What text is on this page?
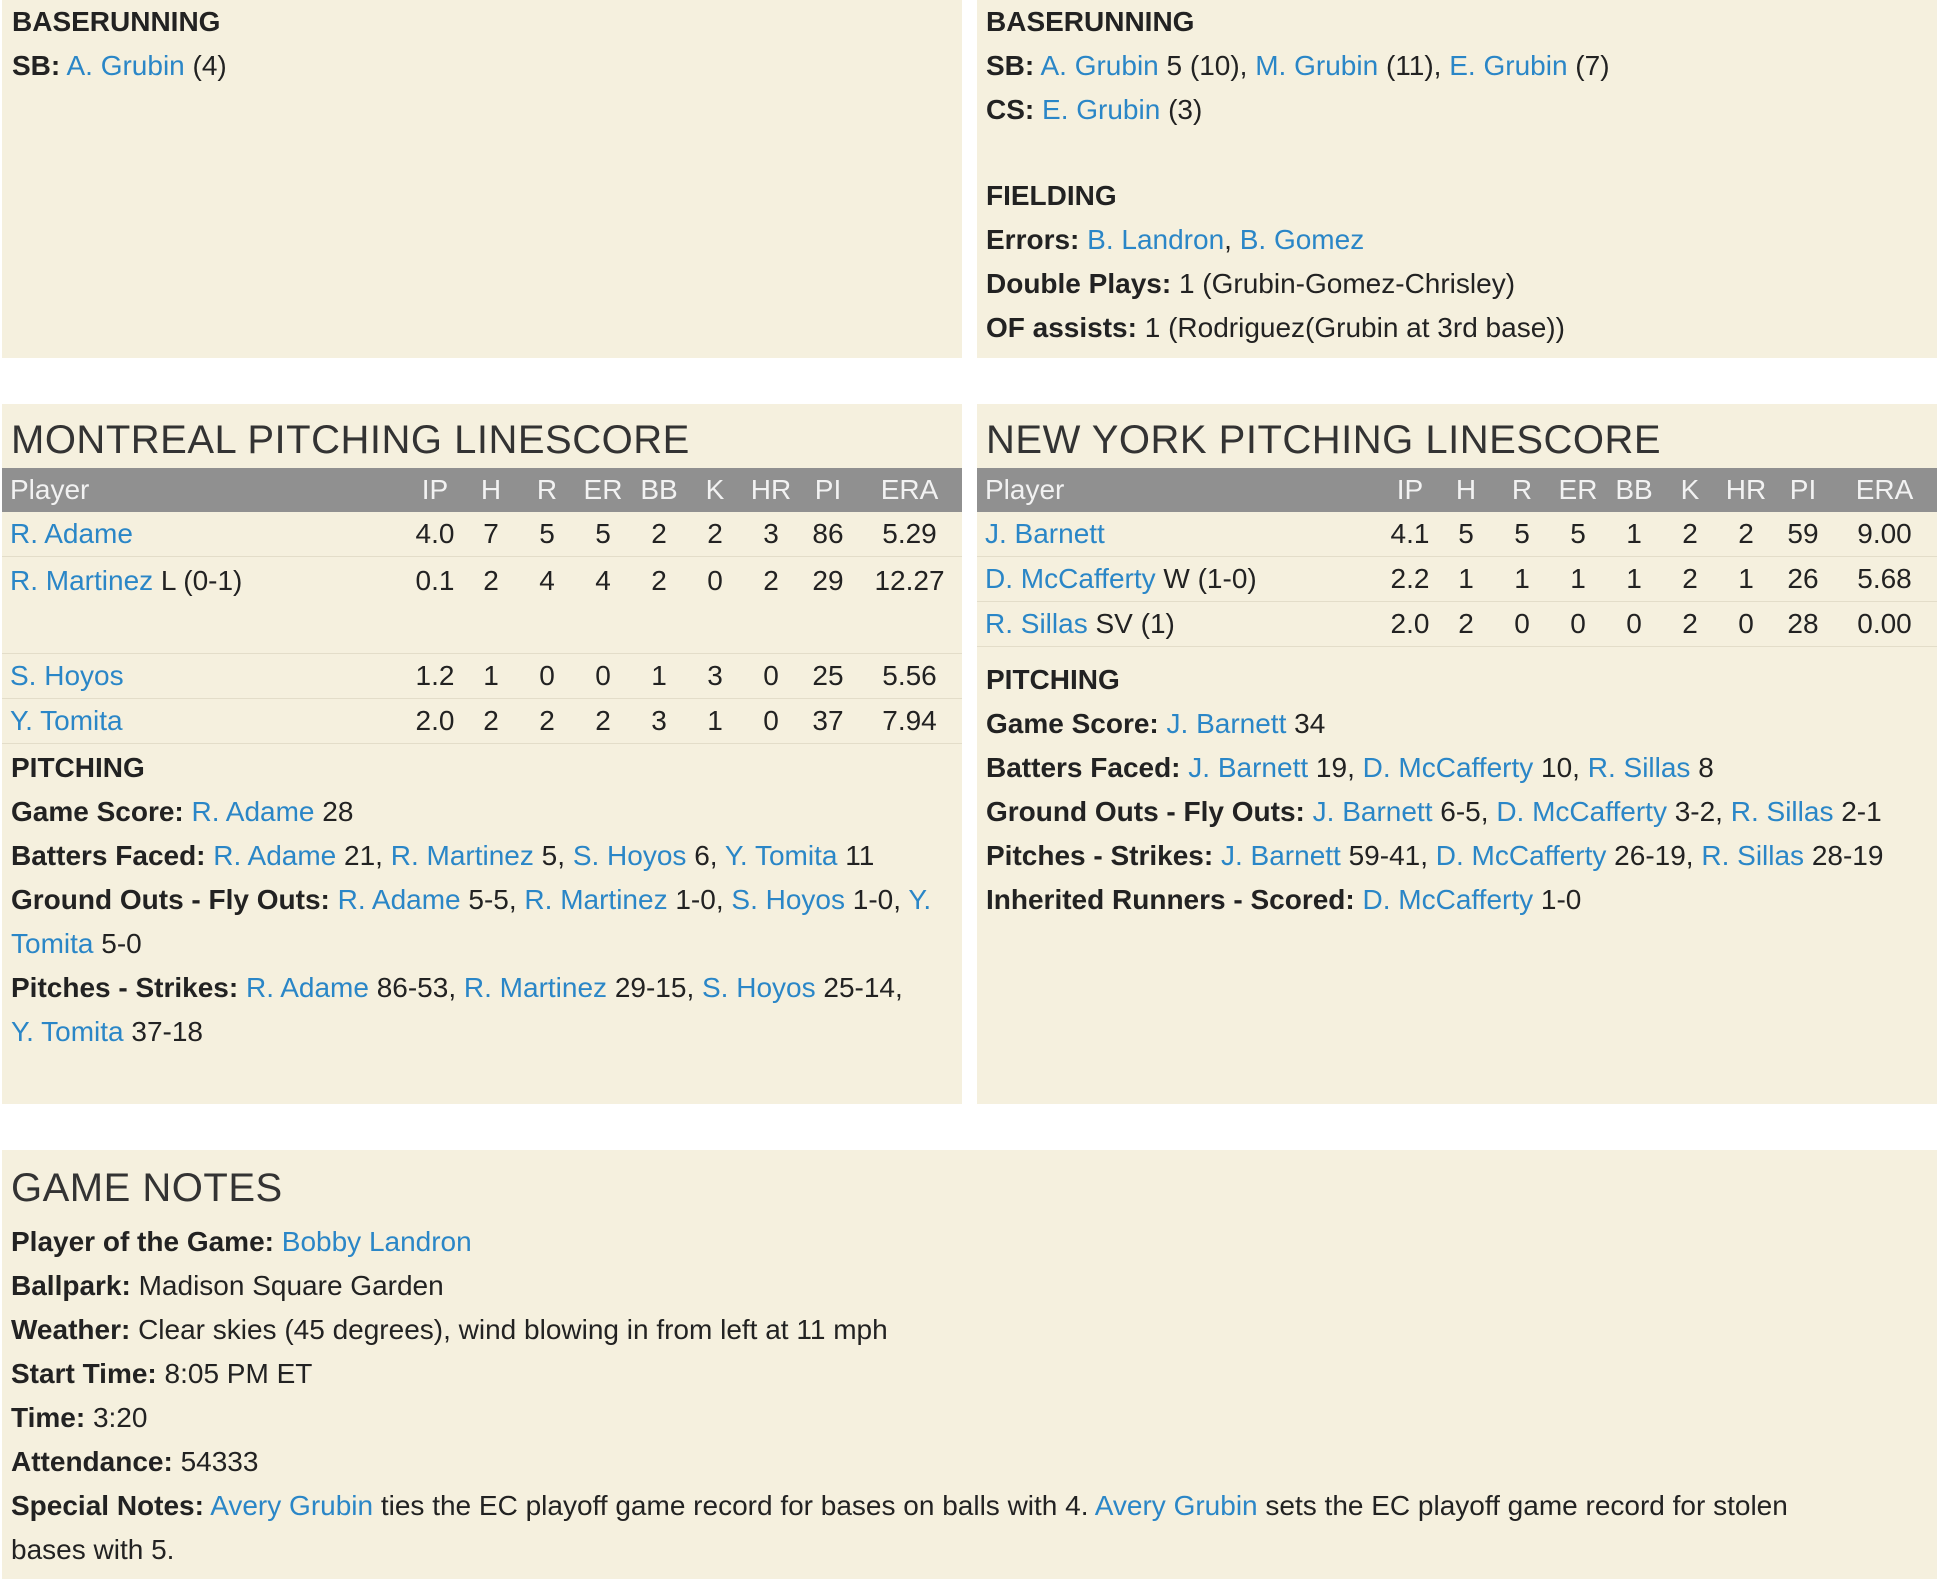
BASERUNNING
SB: A. Grubin (4)
BASERUNNING
SB: A. Grubin 5 (10), M. Grubin (11), E. Grubin (7)
CS: E. Grubin (3)
FIELDING
Errors: B. Landron, B. Gomez
Double Plays: 1 (Grubin-Gomez-Chrisley)
OF assists: 1 (Rodriguez(Grubin at 3rd base))
MONTREAL PITCHING LINESCORE
Player	IP	H	R	ER	BB	K	HR	PI	ERA
R. Adame	4.0	7	5	5	2	2	3	86	5.29
R. Martinez L (0-1)	0.1	2	4	4	2	0	2	29	12.27
S. Hoyos	1.2	1	0	0	1	3	0	25	5.56
Y. Tomita	2.0	2	2	2	3	1	0	37	7.94
PITCHING
Game Score: R. Adame 28
Batters Faced: R. Adame 21, R. Martinez 5, S. Hoyos 6, Y. Tomita 11
Ground Outs - Fly Outs: R. Adame 5-5, R. Martinez 1-0, S. Hoyos 1-0, Y.
Tomita 5-0
Pitches - Strikes: R. Adame 86-53, R. Martinez 29-15, S. Hoyos 25-14,
Y. Tomita 37-18
NEW YORK PITCHING LINESCORE
Player	IP	H	R	ER	BB	K	HR	PI	ERA
J. Barnett	4.1	5	5	5	1	2	2	59	9.00
D. McCafferty W (1-0)	2.2	1	1	1	1	2	1	26	5.68
R. Sillas SV (1)	2.0	2	0	0	0	2	0	28	0.00
PITCHING
Game Score: J. Barnett 34
Batters Faced: J. Barnett 19, D. McCafferty 10, R. Sillas 8
Ground Outs - Fly Outs: J. Barnett 6-5, D. McCafferty 3-2, R. Sillas 2-1
Pitches - Strikes: J. Barnett 59-41, D. McCafferty 26-19, R. Sillas 28-19
Inherited Runners - Scored: D. McCafferty 1-0
GAME NOTES
Player of the Game: Bobby Landron
Ballpark: Madison Square Garden
Weather: Clear skies (45 degrees), wind blowing in from left at 11 mph
Start Time: 8:05 PM ET
Time: 3:20
Attendance: 54333
Special Notes: Avery Grubin ties the EC playoff game record for bases on balls with 4. Avery Grubin sets the EC playoff game record for stolen
bases with 5.
